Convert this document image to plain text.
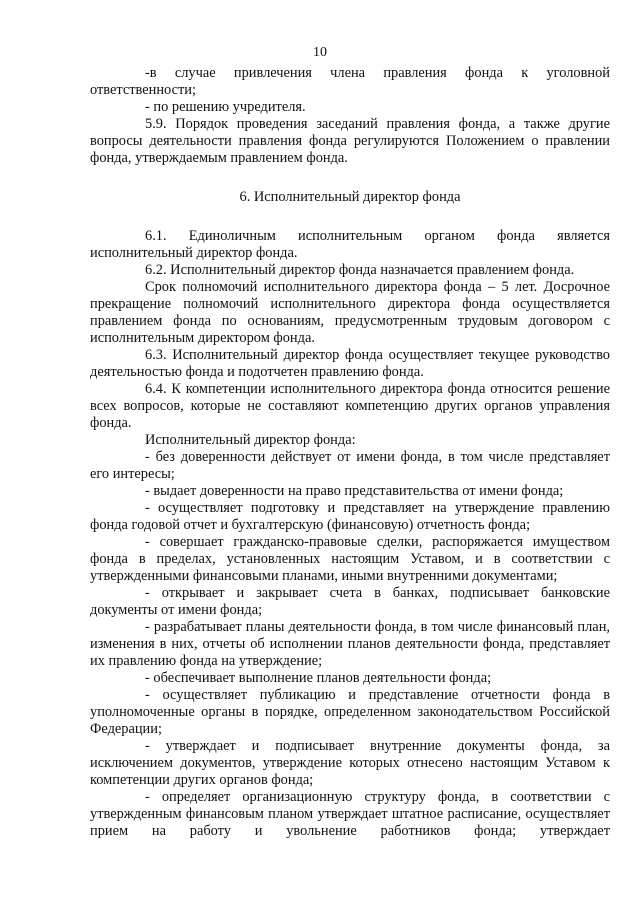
10

-в случае привлечения члена правления фонда к уголовной ответственности;

- по решению учредителя.

5.9. Порядок проведения заседаний правления фонда, а также другие вопросы деятельности правления фонда регулируются Положением о правлении фонда, утверждаемым правлением фонда.

6. Исполнительный директор фонда

6.1. Единоличным исполнительным органом фонда является исполнительный директор фонда.

6.2. Исполнительный директор фонда назначается правлением фонда.

Срок полномочий исполнительного директора фонда – 5 лет. Досрочное прекращение полномочий исполнительного директора фонда осуществляется правлением фонда по основаниям, предусмотренным трудовым договором с исполнительным директором фонда.

6.3. Исполнительный директор фонда осуществляет текущее руководство деятельностью фонда и подотчетен правлению фонда.

6.4. К компетенции исполнительного директора фонда относится решение всех вопросов, которые не составляют компетенцию других органов управления фонда.

Исполнительный директор фонда:

- без доверенности действует от имени фонда, в том числе представляет его интересы;

- выдает доверенности на право представительства от имени фонда;

- осуществляет подготовку и представляет на утверждение правлению фонда годовой отчет и бухгалтерскую (финансовую) отчетность фонда;

- совершает гражданско-правовые сделки, распоряжается имуществом фонда в пределах, установленных настоящим Уставом, и в соответствии с утвержденными финансовыми планами, иными внутренними документами;

- открывает и закрывает счета в банках, подписывает банковские документы от имени фонда;

- разрабатывает планы деятельности фонда, в том числе финансовый план, изменения в них, отчеты об исполнении планов деятельности фонда, представляет их правлению фонда на утверждение;

- обеспечивает выполнение планов деятельности фонда;

- осуществляет публикацию и представление отчетности фонда в уполномоченные органы в порядке, определенном законодательством Российской Федерации;

- утверждает и подписывает внутренние документы фонда, за исключением документов, утверждение которых отнесено настоящим Уставом к компетенции других органов фонда;

- определяет организационную структуру фонда, в соответствии с утвержденным финансовым планом утверждает штатное расписание, осуществляет прием на работу и увольнение работников фонда; утверждает
